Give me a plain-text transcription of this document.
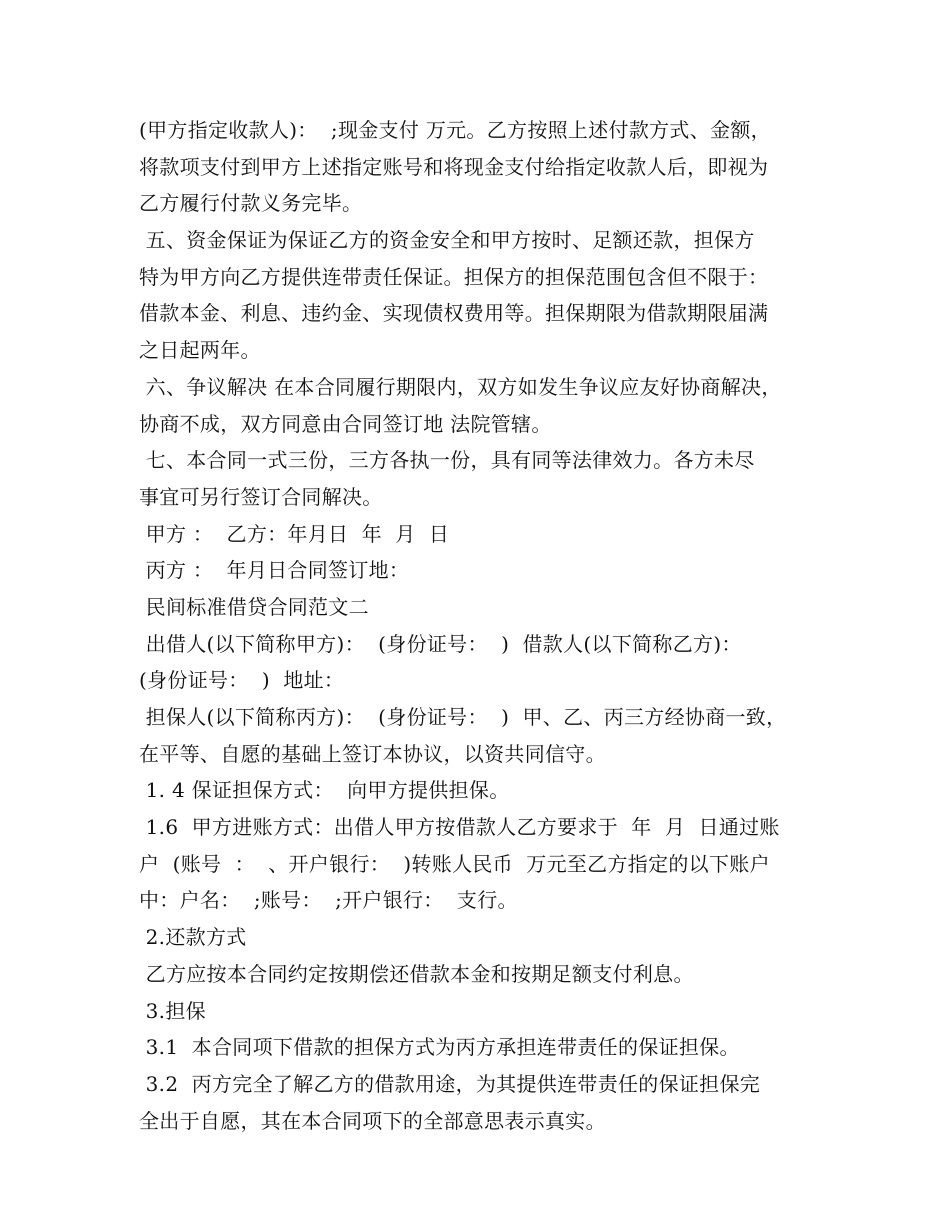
(甲方指定收款人)：  ;现金支付 万元。乙方按照上述付款方式、金额，
将款项支付到甲方上述指定账号和将现金支付给指定收款人后，即视为
乙方履行付款义务完毕。
五、资金保证为保证乙方的资金安全和甲方按时、足额还款，担保方
特为甲方向乙方提供连带责任保证。担保方的担保范围包含但不限于：
借款本金、利息、违约金、实现债权费用等。担保期限为借款期限届满
之日起两年。
六、争议解决 在本合同履行期限内，双方如发生争议应友好协商解决，
协商不成，双方同意由合同签订地 法院管辖。
七、本合同一式三份，三方各执一份，具有同等法律效力。各方未尽
事宜可另行签订合同解决。
甲方 ：  乙方：年月日  年  月  日
丙方 ：  年月日合同签订地：
民间标准借贷合同范文二
出借人(以下简称甲方)：  (身份证号：  )  借款人(以下简称乙方)：
(身份证号：  )  地址：
担保人(以下简称丙方)：  (身份证号：  )  甲、乙、丙三方经协商一致，
在平等、自愿的基础上签订本协议，以资共同信守。
1. 4 保证担保方式：  向甲方提供担保。
1.6  甲方进账方式：出借人甲方按借款人乙方要求于  年  月  日通过账
户  (账号  ：  、开户银行：  )转账人民币  万元至乙方指定的以下账户
中：户名：  ;账号：  ;开户银行：  支行。
2.还款方式
乙方应按本合同约定按期偿还借款本金和按期足额支付利息。
3.担保
3.1  本合同项下借款的担保方式为丙方承担连带责任的保证担保。
3.2  丙方完全了解乙方的借款用途，为其提供连带责任的保证担保完
全出于自愿，其在本合同项下的全部意思表示真实。
